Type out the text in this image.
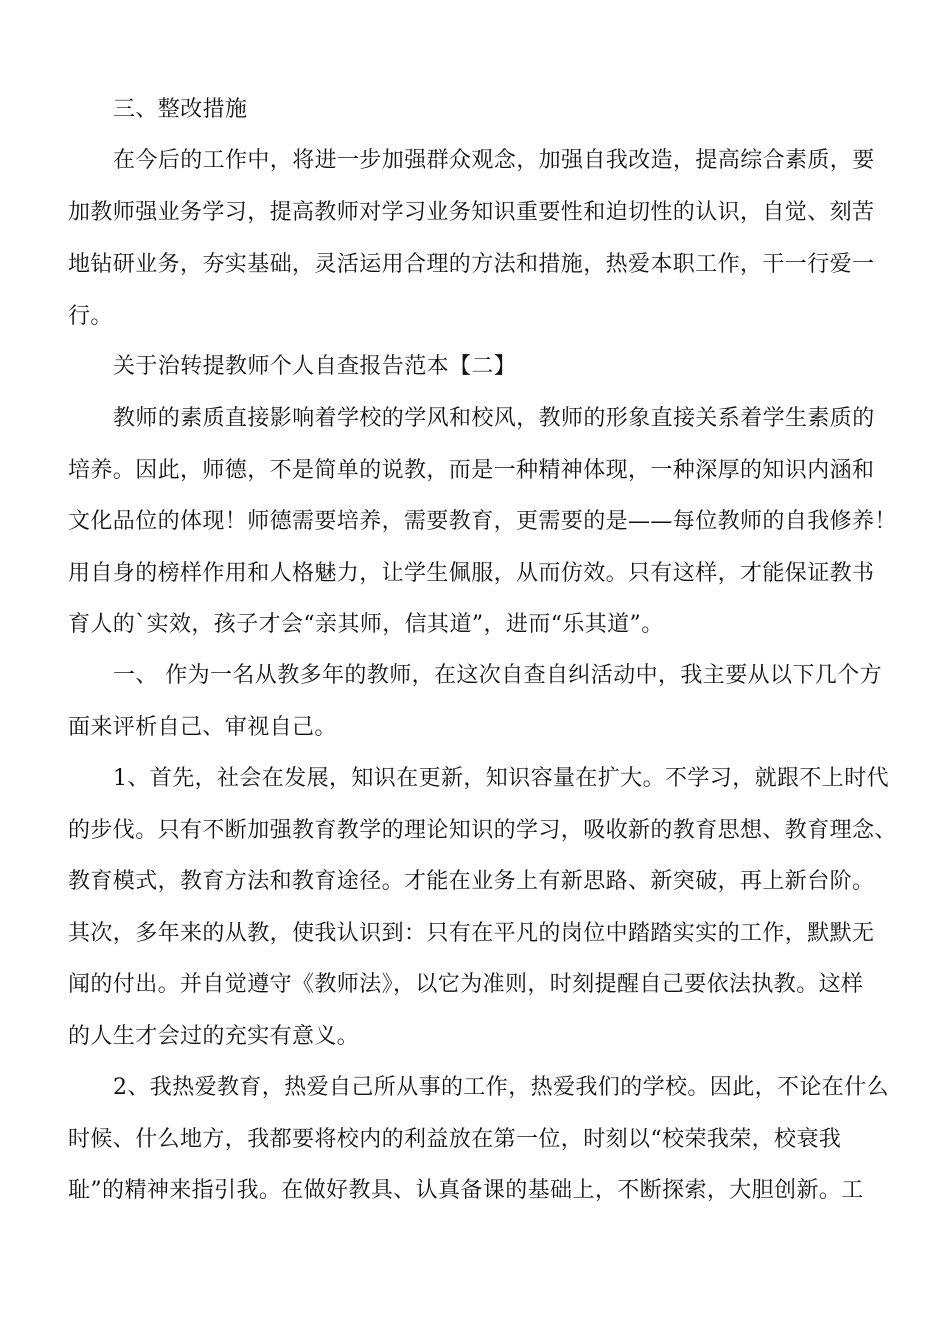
三、整改措施
在今后的工作中，将进一步加强群众观念，加强自我改造，提高综合素质，要
加教师强业务学习，提高教师对学习业务知识重要性和迫切性的认识，自觉、刻苦
地钻研业务，夯实基础，灵活运用合理的方法和措施，热爱本职工作，干一行爱一
行。
关于治转提教师个人自查报告范本【二】
教师的素质直接影响着学校的学风和校风，教师的形象直接关系着学生素质的
培养。因此，师德，不是简单的说教，而是一种精神体现，一种深厚的知识内涵和
文化品位的体现！师德需要培养，需要教育，更需要的是——每位教师的自我修养！
用自身的榜样作用和人格魅力，让学生佩服，从而仿效。只有这样，才能保证教书
育人的`实效，孩子才会“亲其师，信其道”，进而“乐其道”。
一、 作为一名从教多年的教师，在这次自查自纠活动中，我主要从以下几个方
面来评析自己、审视自己。
1、首先，社会在发展，知识在更新，知识容量在扩大。不学习，就跟不上时代
的步伐。只有不断加强教育教学的理论知识的学习，吸收新的教育思想、教育理念、
教育模式，教育方法和教育途径。才能在业务上有新思路、新突破，再上新台阶。
其次，多年来的从教，使我认识到：只有在平凡的岗位中踏踏实实的工作，默默无
闻的付出。并自觉遵守《教师法》，以它为准则，时刻提醒自己要依法执教。这样
的人生才会过的充实有意义。
2、我热爱教育，热爱自己所从事的工作，热爱我们的学校。因此，不论在什么
时候、什么地方，我都要将校内的利益放在第一位，时刻以“校荣我荣，校衰我
耻”的精神来指引我。在做好教具、认真备课的基础上，不断探索，大胆创新。工
